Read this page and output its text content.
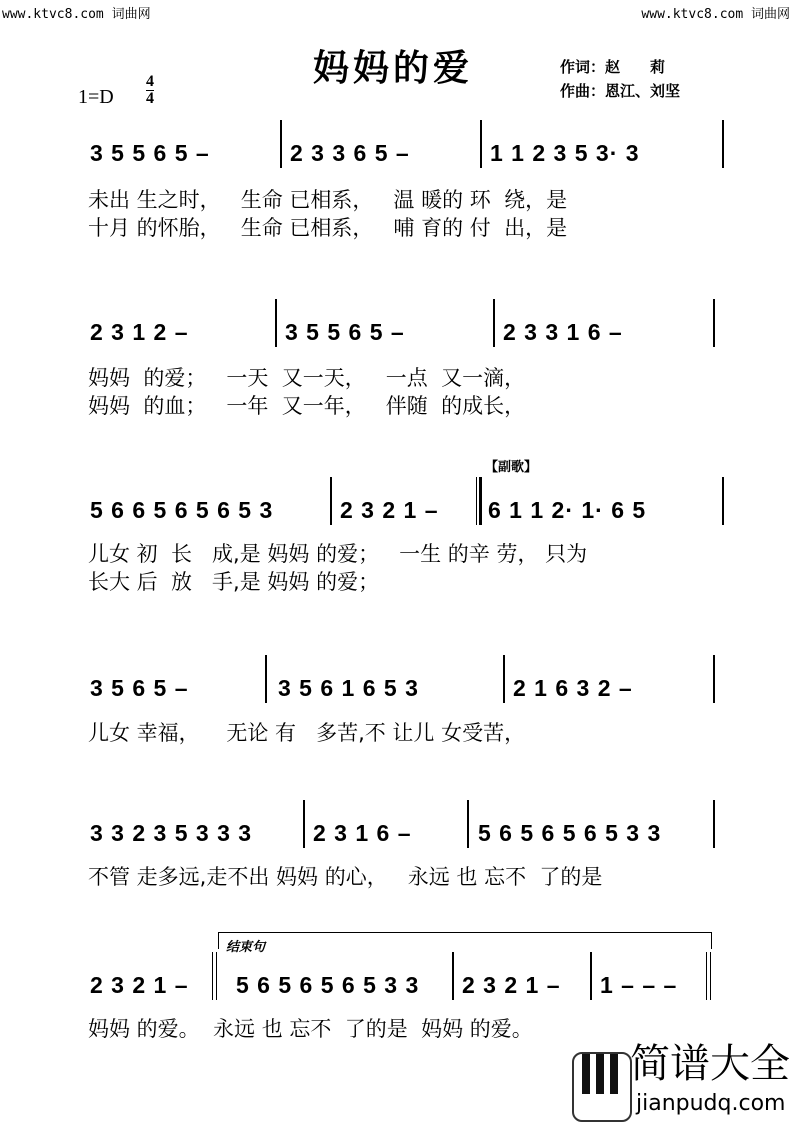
www.ktvc8.com 词曲网	www.ktvc8.com 词曲网
妈妈的爱	作词：赵　　莉
作曲：恩江、刘坚
1=D
4
4
3 5 5 6 5 –	2 3 3 6 5 –	1 1 2 3 5 3· 3
未出 生之时，   生命 已相系，   温 暖的 环  绕，是
十月 的怀胎，   生命 已相系，   哺 育的 付  出，是
2 3 1 2 –	3 5 5 6 5 –	2 3 3 1 6 –
妈妈  的爱；   一天  又一天，   一点  又一滴，
妈妈  的血；   一年  又一年，   伴随  的成长，
【副歌】
5 6 6 5 6 5 6 5 3	2 3 2 1 – 6 1 1 2· 1· 6 5
儿女 初  长   成,是 妈妈 的爱；   一生 的辛 劳， 只为
长大 后  放   手,是 妈妈 的爱；
3 5 6 5 –	3 5 6 1 6 5 3	2 1 6 3 2 –
儿女 幸福，    无论 有   多苦,不 让儿 女受苦，
3 3 2 3 5 3 3 3	2 3 1 6 –	5 6 5 6 5 6 5 3 3
不管 走多远,走不出 妈妈 的心，   永远 也 忘不  了的是
结束句
2 3 2 1 – 5 6 5 6 5 6 5 3 3 2 3 2 1 – 1 – – –
妈妈 的爱。  永远 也 忘不  了的是  妈妈 的爱。
简谱大全
jianpudq.com
